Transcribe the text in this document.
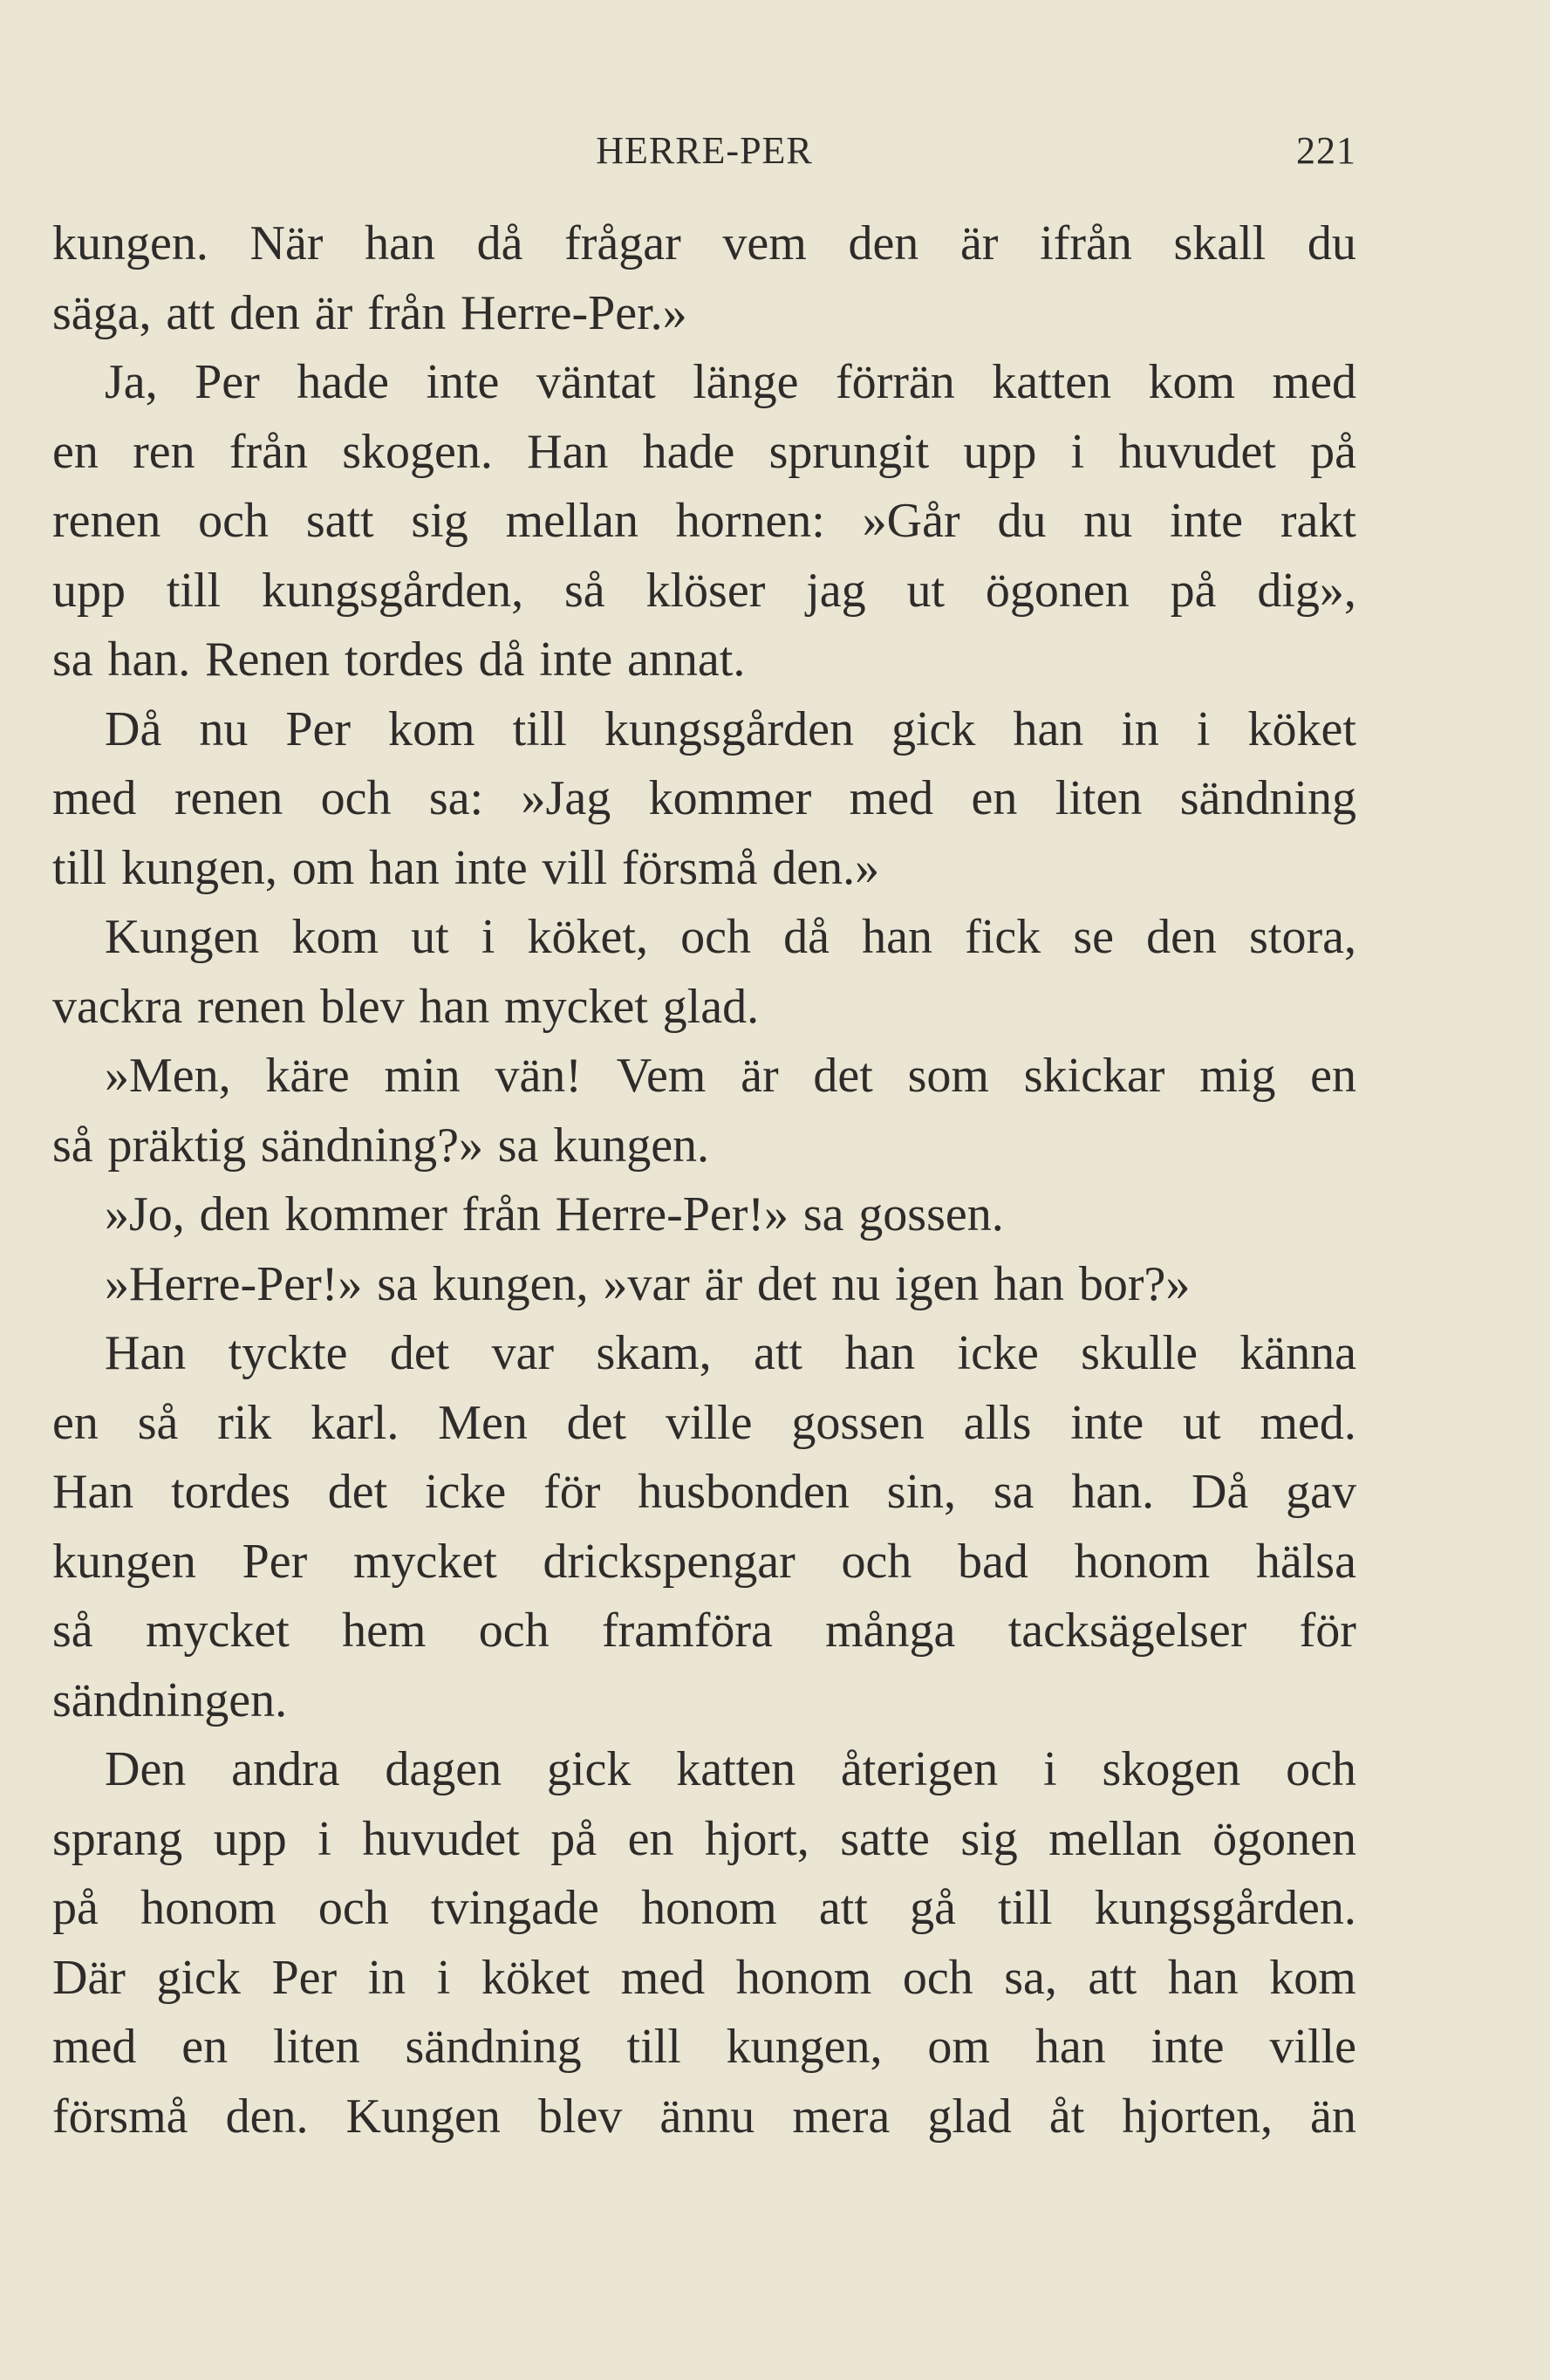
HERRE-PER	221
kungen. När han då frågar vem den är ifrån skall du
säga, att den är från Herre-Per.»
Ja, Per hade inte väntat länge förrän katten kom med
en ren från skogen. Han hade sprungit upp i huvudet på
renen och satt sig mellan hornen: »Går du nu inte rakt
upp till kungsgården, så klöser jag ut ögonen på dig»,
sa han. Renen tordes då inte annat.
Då nu Per kom till kungsgården gick han in i köket
med renen och sa: »Jag kommer med en liten sändning
till kungen, om han inte vill försmå den.»
Kungen kom ut i köket, och då han fick se den stora,
vackra renen blev han mycket glad.
»Men, käre min vän! Vem är det som skickar mig en
så präktig sändning?» sa kungen.
»Jo, den kommer från Herre-Per!» sa gossen.
»Herre-Per!» sa kungen, »var är det nu igen han bor?»
Han tyckte det var skam, att han icke skulle känna
en så rik karl. Men det ville gossen alls inte ut med.
Han tordes det icke för husbonden sin, sa han. Då gav
kungen Per mycket drickspengar och bad honom hälsa
så mycket hem och framföra många tacksägelser för
sändningen.
Den andra dagen gick katten återigen i skogen och
sprang upp i huvudet på en hjort, satte sig mellan ögonen
på honom och tvingade honom att gå till kungsgården.
Där gick Per in i köket med honom och sa, att han kom
med en liten sändning till kungen, om han inte ville
försmå den. Kungen blev ännu mera glad åt hjorten, än
